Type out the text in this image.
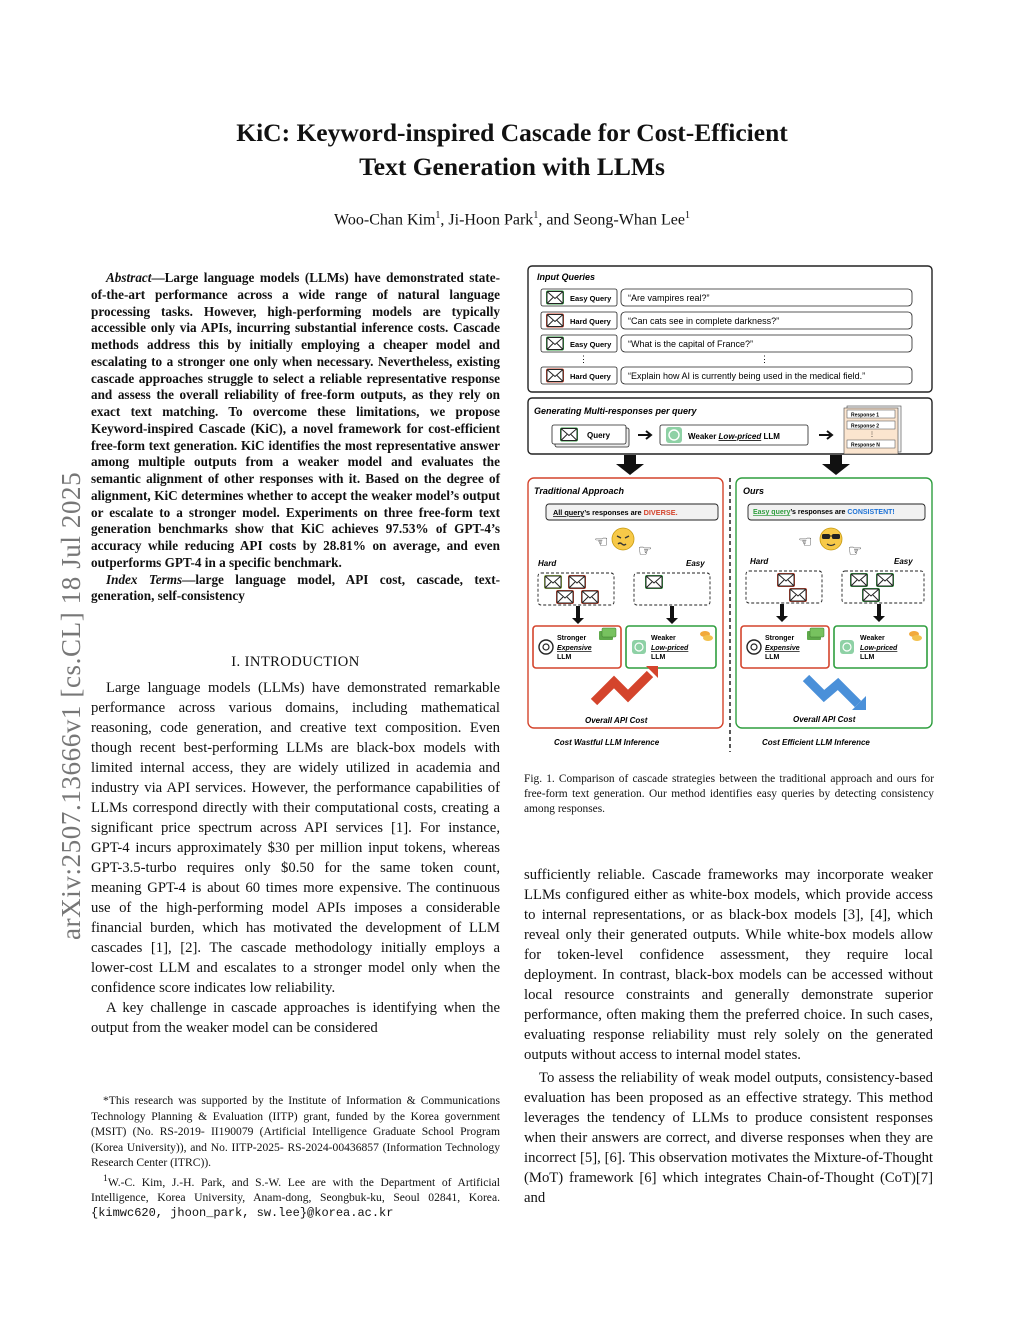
arXiv:2507.13666v1 [cs.CL] 18 Jul 2025
KiC: Keyword-inspired Cascade for Cost-Efficient
Text Generation with LLMs
Woo-Chan Kim$^1$, Ji-Hoon Park$^1$, and Seong-Whan Lee$^1$

Abstract—Large language models (LLMs) have demonstrated state-of-the-art performance across a wide range of natural language processing tasks. However, high-performing models are typically accessible only via APIs, incurring substantial inference costs. Cascade methods address this by initially employing a cheaper model and escalating to a stronger one only when necessary. Nevertheless, existing cascade approaches struggle to select a reliable representative response and assess the overall reliability of free-form outputs, as they rely on exact text matching. To overcome these limitations, we propose Keyword-inspired Cascade (KiC), a novel framework for cost-efficient free-form text generation. KiC identifies the most representative answer among multiple outputs from a weaker model and evaluates the semantic alignment of other responses with it. Based on the degree of alignment, KiC determines whether to accept the weaker model’s output or escalate to a stronger model. Experiments on three free-form text generation benchmarks show that KiC achieves 97.53% of GPT-4’s accuracy while reducing API costs by 28.81% on average, and even outperforms GPT-4 in a specific benchmark.

Index Terms—large language model, API cost, cascade, text-generation, self-consistency

I. INTRODUCTION

Large language models (LLMs) have demonstrated remarkable performance across various domains, including mathematical reasoning, code generation, and creative text composition. Even though recent best-performing LLMs are black-box models with limited internal access, they are widely utilized in academia and industry via API services. However, the performance capabilities of LLMs correspond directly with their computational costs, creating a significant price spectrum across API services [1]. For instance, GPT-4 incurs approximately $30 per million input tokens, whereas GPT-3.5-turbo requires only $0.50 for the same token count, meaning GPT-4 is about 60 times more expensive. The continuous use of the high-performing model APIs imposes a considerable financial burden, which has motivated the development of LLM cascades [1], [2]. The cascade methodology initially employs a lower-cost LLM and escalates to a stronger model only when the confidence score indicates low reliability.

A key challenge in cascade approaches is identifying when the output from the weaker model can be considered

*This research was supported by the Institute of Information & Communications Technology Planning & Evaluation (IITP) grant, funded by the Korea government (MSIT) (No. RS-2019- II190079 (Artificial Intelligence Graduate School Program (Korea University)), and No. IITP-2025- RS-2024-00436857 (Information Technology Research Center (ITRC)).

$^1$W.-C. Kim, J.-H. Park, and S.-W. Lee are with the Department of Artificial Intelligence, Korea University, Anam-dong, Seongbuk-ku, Seoul 02841, Korea. {kimwc620, jhoon_park, sw.lee}@korea.ac.kr

Input Queries
Easy Query “Are vampires real?”
Hard Query “Can cats see in complete darkness?”
Easy Query “What is the capital of France?”
⋮	⋮
Hard Query “Explain how AI is currently being used in the medical field.”
Generating Multi-responses per query
Query	Weaker Low-priced LLM
Response 1
Response 2
⋮
Response N
Traditional Approach
All query’s responses are DIVERSE.
☜
☞
Hard	Easy
Stronger
Expensive
LLM
Weaker
Low-priced
LLM
Overall API Cost
Cost Wastful LLM Inference
Ours
Easy query’s responses are CONSISTENT!
☜
☞
Hard	Easy
Stronger
Expensive
LLM
Weaker
Low-priced
LLM
Overall API Cost
Cost Efficient LLM Inference
Fig. 1. Comparison of cascade strategies between the traditional approach and ours for free-form text generation. Our method identifies easy queries by detecting consistency among responses.

sufficiently reliable. Cascade frameworks may incorporate weaker LLMs configured either as white-box models, which provide access to internal representations, or as black-box models [3], [4], which reveal only their generated outputs. While white-box models allow for token-level confidence assessment, they require local deployment. In contrast, black-box models can be accessed without local resource constraints and generally demonstrate superior performance, often making them the preferred choice. In such cases, evaluating response reliability must rely solely on the generated outputs without access to internal model states.

To assess the reliability of weak model outputs, consistency-based evaluation has been proposed as an effective strategy. This method leverages the tendency of LLMs to produce consistent responses when their answers are correct, and diverse responses when they are incorrect [5], [6]. This observation motivates the Mixture-of-Thought (MoT) framework [6] which integrates Chain-of-Thought (CoT)[7] and
